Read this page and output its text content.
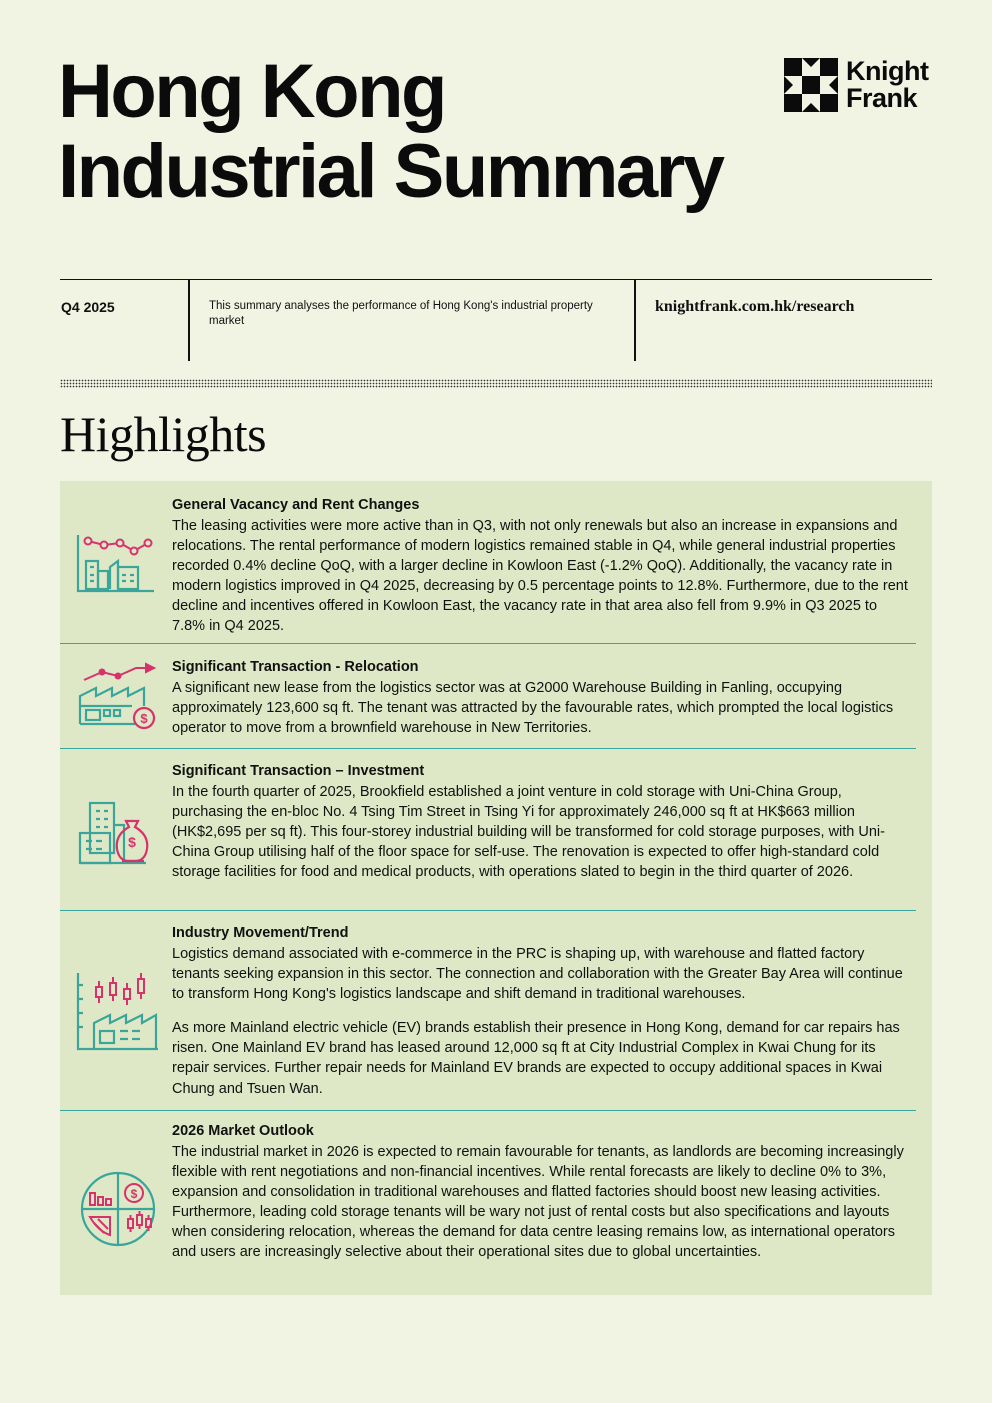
Hong Kong
Industrial Summary
Knight
Frank
Q4 2025	This summary analyses the performance of Hong Kong's industrial property market
knightfrank.com.hk/research
Highlights
General Vacancy and Rent Changes

The leasing activities were more active than in Q3, with not only renewals but also an increase in expansions and relocations. The rental performance of modern logistics remained stable in Q4, while general industrial properties recorded 0.4% decline QoQ, with a larger decline in Kowloon East (-1.2% QoQ). Additionally, the vacancy rate in modern logistics improved in Q4 2025, decreasing by 0.5 percentage points to 12.8%. Furthermore, due to the rent decline and incentives offered in Kowloon East, the vacancy rate in that area also fell from 9.9% in Q3 2025 to 7.8% in Q4 2025.

$
Significant Transaction - Relocation

A significant new lease from the logistics sector was at G2000 Warehouse Building in Fanling, occupying approximately 123,600 sq ft. The tenant was attracted by the favourable rates, which prompted the local logistics operator to move from a brownfield warehouse in New Territories.

$
Significant Transaction – Investment

In the fourth quarter of 2025, Brookfield established a joint venture in cold storage with Uni-China Group, purchasing the en-bloc No. 4 Tsing Tim Street in Tsing Yi for approximately 246,000 sq ft at HK$663 million (HK$2,695 per sq ft). This four-storey industrial building will be transformed for cold storage purposes, with Uni-China Group utilising half of the floor space for self-use. The renovation is expected to offer high-standard cold storage facilities for food and medical products, with operations slated to begin in the third quarter of 2026.

Industry Movement/Trend

Logistics demand associated with e-commerce in the PRC is shaping up, with warehouse and flatted factory tenants seeking expansion in this sector. The connection and collaboration with the Greater Bay Area will continue to transform Hong Kong's logistics landscape and shift demand in traditional warehouses.

As more Mainland electric vehicle (EV) brands establish their presence in Hong Kong, demand for car repairs has risen. One Mainland EV brand has leased around 12,000 sq ft at City Industrial Complex in Kwai Chung for its repair services. Further repair needs for Mainland EV brands are expected to occupy additional spaces in Kwai Chung and Tsuen Wan.

$
2026 Market Outlook

The industrial market in 2026 is expected to remain favourable for tenants, as landlords are becoming increasingly flexible with rent negotiations and non-financial incentives. While rental forecasts are likely to decline 0% to 3%, expansion and consolidation in traditional warehouses and flatted factories should boost new leasing activities. Furthermore, leading cold storage tenants will be wary not just of rental costs but also specifications and layouts when considering relocation, whereas the demand for data centre leasing remains low, as international operators and users are increasingly selective about their operational sites due to global uncertainties.
